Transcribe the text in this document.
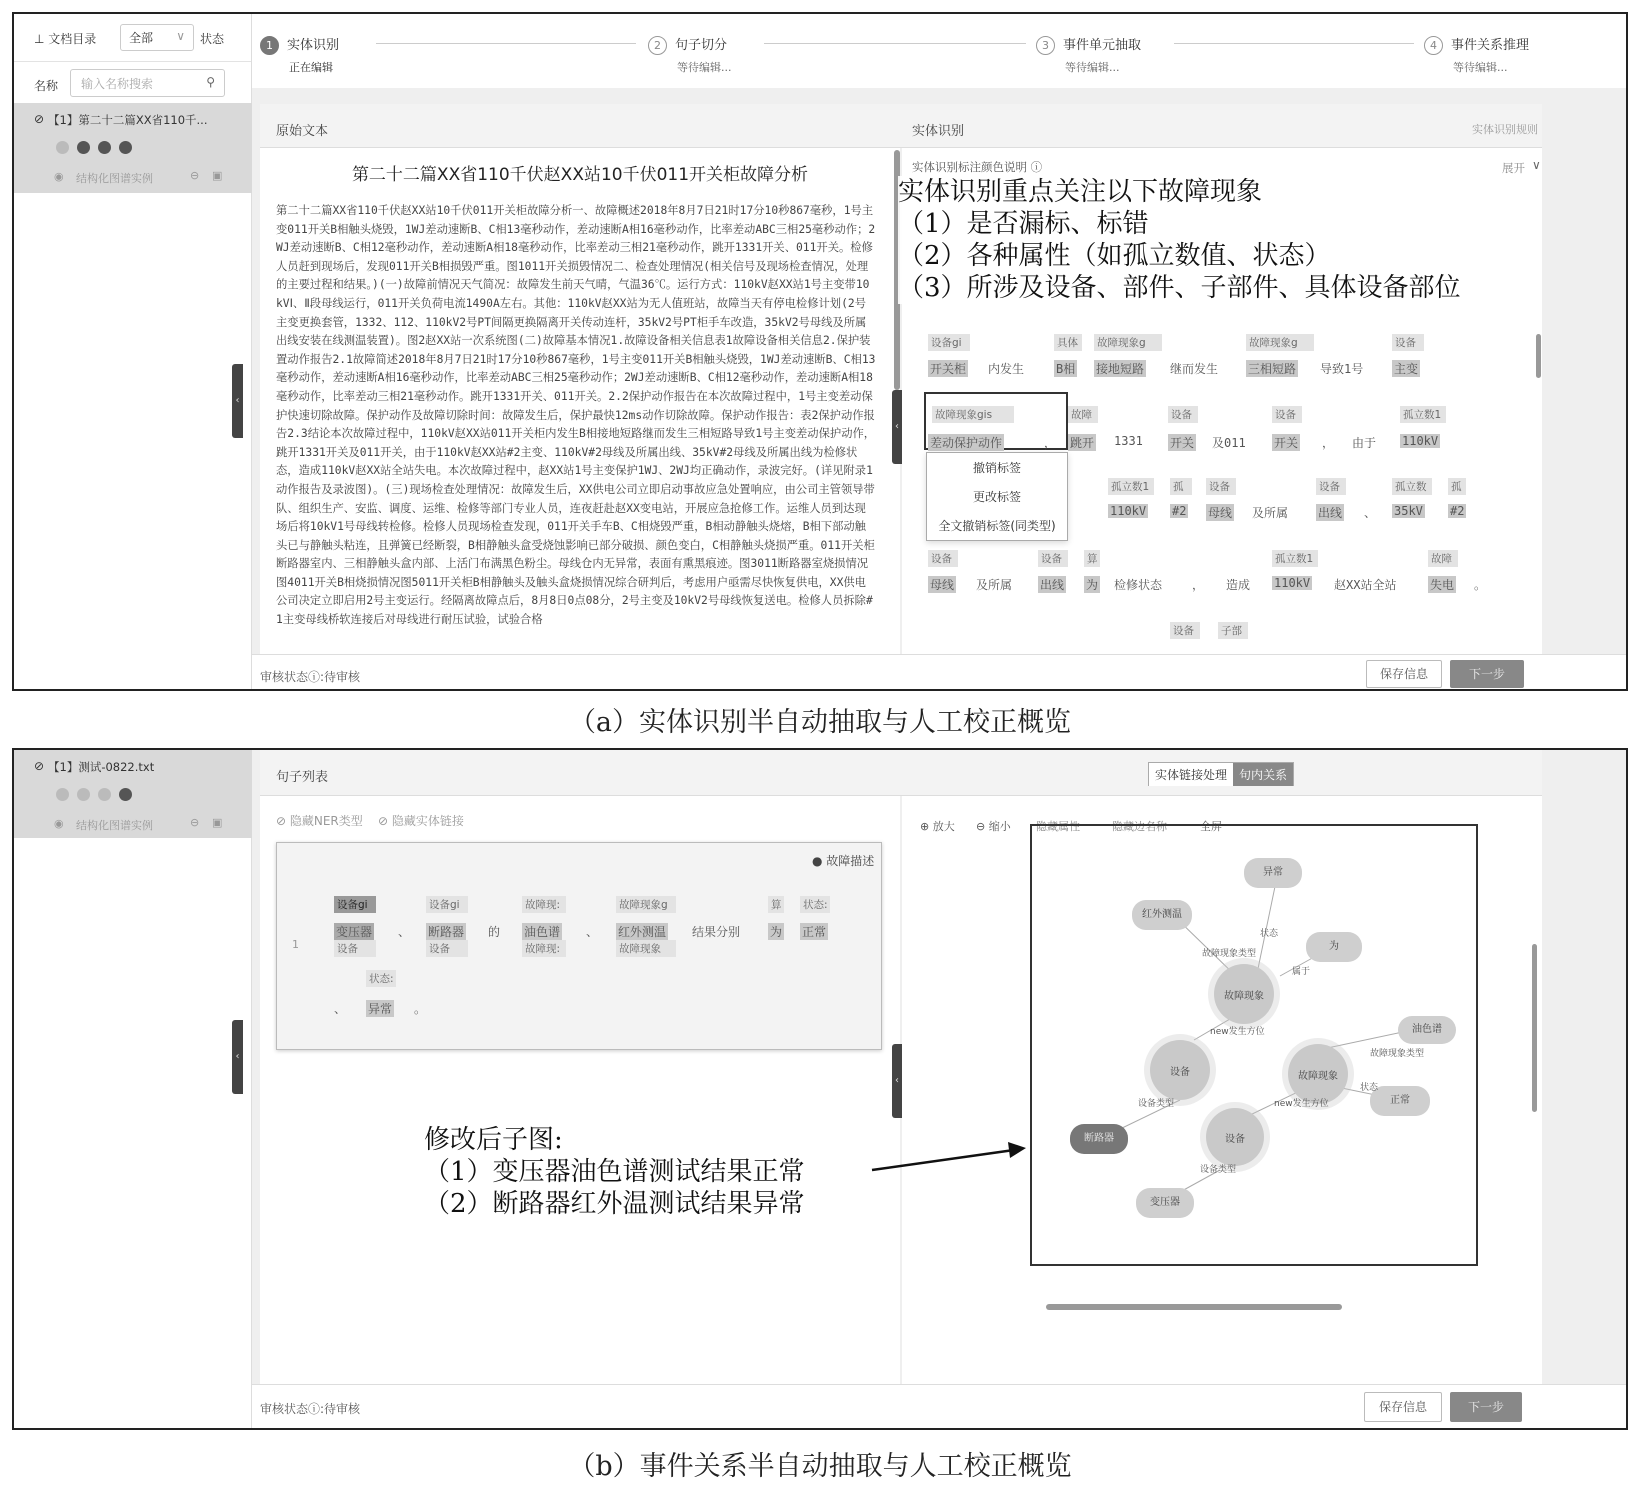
⊥ 文档目录	全部 ∨ 状态
名称	输入名称搜索	⚲
⊘ 【1】第二十二篇XX省110千...
◉ 结构化图谱实例	⊖ ▣
‹
1 实体识别
正在编辑
2 句子切分
等待编辑...
3 事件单元抽取
等待编辑...
4 事件关系推理
等待编辑...
原始文本	实体识别	实体识别规则
第二十二篇XX省110千伏赵XX站10千伏011开关柜故障分析
第二十二篇XX省110千伏赵XX站10千伏011开关柜故障分析一、故障概述2018年8月7日21时17分10秒867毫秒，1号主变011开关B相触头烧毁，1WJ差动速断B、C相13毫秒动作，差动速断A相16毫秒动作，比率差动ABC三相25毫秒动作；2WJ差动速断B、C相12毫秒动作，差动速断A相18毫秒动作，比率差动三相21毫秒动作，跳开1331开关、011开关。检修人员赶到现场后，发现011开关B相损毁严重。图1011开关损毁情况二、检查处理情况(相关信号及现场检查情况，处理的主要过程和结果。)(一)故障前情况天气简况：故障发生前天气晴，气温36℃。运行方式：110kV赵XX站1号主变带10kVⅠ、Ⅱ段母线运行，011开关负荷电流1490A左右。其他：110kV赵XX站为无人值班站，故障当天有停电检修计划(2号主变更换套管，1332、112、110kV2号PT间隔更换隔离开关传动连杆，35kV2号PT柜手车改造，35kV2号母线及所属出线安装在线测温装置)。图2赵XX站一次系统图(二)故障基本情况1.故障设备相关信息表1故障设备相关信息2.保护装置动作报告2.1故障简述2018年8月7日21时17分10秒867毫秒，1号主变011开关B相触头烧毁，1WJ差动速断B、C相13毫秒动作，差动速断A相16毫秒动作，比率差动ABC三相25毫秒动作；2WJ差动速断B、C相12毫秒动作，差动速断A相18毫秒动作，比率差动三相21毫秒动作。跳开1331开关、011开关。2.2保护动作报告在本次故障过程中，1号主变差动保护快速切除故障。保护动作及故障切除时间：故障发生后，保护最快12ms动作切除故障。保护动作报告：表2保护动作报告2.3结论本次故障过程中，110kV赵XX站011开关柜内发生B相接地短路继而发生三相短路导致1号主变差动保护动作，跳开1331开关及011开关，由于110kV赵XX站#2主变、110kV#2母线及所属出线、35kV#2母线及所属出线为检修状态，造成110kV赵XX站全站失电。本次故障过程中，赵XX站1号主变保护1WJ、2WJ均正确动作，录波完好。(详见附录1动作报告及录波图)。(三)现场检查处理情况：故障发生后，XX供电公司立即启动事故应急处置响应，由公司主管领导带队、组织生产、安监、调度、运维、检修等部门专业人员，连夜赶赴赵XX变电站，开展应急抢修工作。运维人员到达现场后将10kV1号母线转检修。检修人员现场检查发现，011开关手车B、C相烧毁严重，B相动静触头烧熔，B相下部动触头已与静触头粘连，且弹簧已经断裂，B相静触头盒受烧蚀影响已部分破损、颜色变白，C相静触头烧损严重。011开关柜断路器室内、三相静触头盒内部、上活门布满黑色粉尘。母线仓内无异常，表面有熏黑痕迹。图3011断路器室烧损情况图4011开关B相烧损情况图5011开关柜B相静触头及触头盒烧损情况综合研判后，考虑用户亟需尽快恢复供电，XX供电公司决定立即启用2号主变运行。经隔离故障点后，8月8日0点08分，2号主变及10kV2号母线恢复送电。检修人员拆除#1主变母线桥软连接后对母线进行耐压试验，试验合格
实体识别标注颜色说明 ⓘ	展开 ∨
实体识别重点关注以下故障现象
（1）是否漏标、标错
（2）各种属性（如孤立数值、状态）
（3）所涉及设备、部件、子部件、具体设备部位
设备gi	具体	故障现象g	故障现象g	设备
开关柜 内发生	B相 接地短路 继而发生 三相短路 导致1号	主变
故障现象gis	故障	设备	设备	孤立数1
差动保护动作	， 跳开 1331 开关 及011 开关 ， 由于 110kV
撤销标签
更改标签
全文撤销标签(同类型)
孤立数1	孤	设备	设备	孤立数	孤
110kV #2 母线 及所属 出线 、 35kV #2
设备	设备	算	孤立数1	故障
母线 及所属 出线 为 检修状态 ， 造成 110kV 赵XX站全站	失电 。
设备	子部
‹
审核状态ⓘ:待审核	保存信息	下一步
（a）实体识别半自动抽取与人工校正概览
⊘ 【1】测试-0822.txt
◉ 结构化图谱实例	⊖ ▣
‹
句子列表	实体链接处理 句内关系
⊘ 隐藏NER类型 ⊘ 隐藏实体链接
● 故障描述
1
设备gi	设备gi	故障现:	故障现象g	算 状态:
状态:
变压器 、 断路器 的 油色谱 、 红外测温 结果分别 为 正常
、 异常 。
设备	设备	故障现:	故障现象
‹
⊕ 放大 ⊖ 缩小 隐藏属性	隐藏边名称	全屏
异常
红外测温
为
故障现象
油色谱
设备	故障现象
正常
断路器	设备
变压器
状态
故障现象类型
属于
new发生方位
故障现象类型
状态
new发生方位
设备类型
设备类型
修改后子图:
（1）变压器油色谱测试结果正常
（2）断路器红外温测试结果异常
审核状态ⓘ:待审核	保存信息	下一步
（b）事件关系半自动抽取与人工校正概览
